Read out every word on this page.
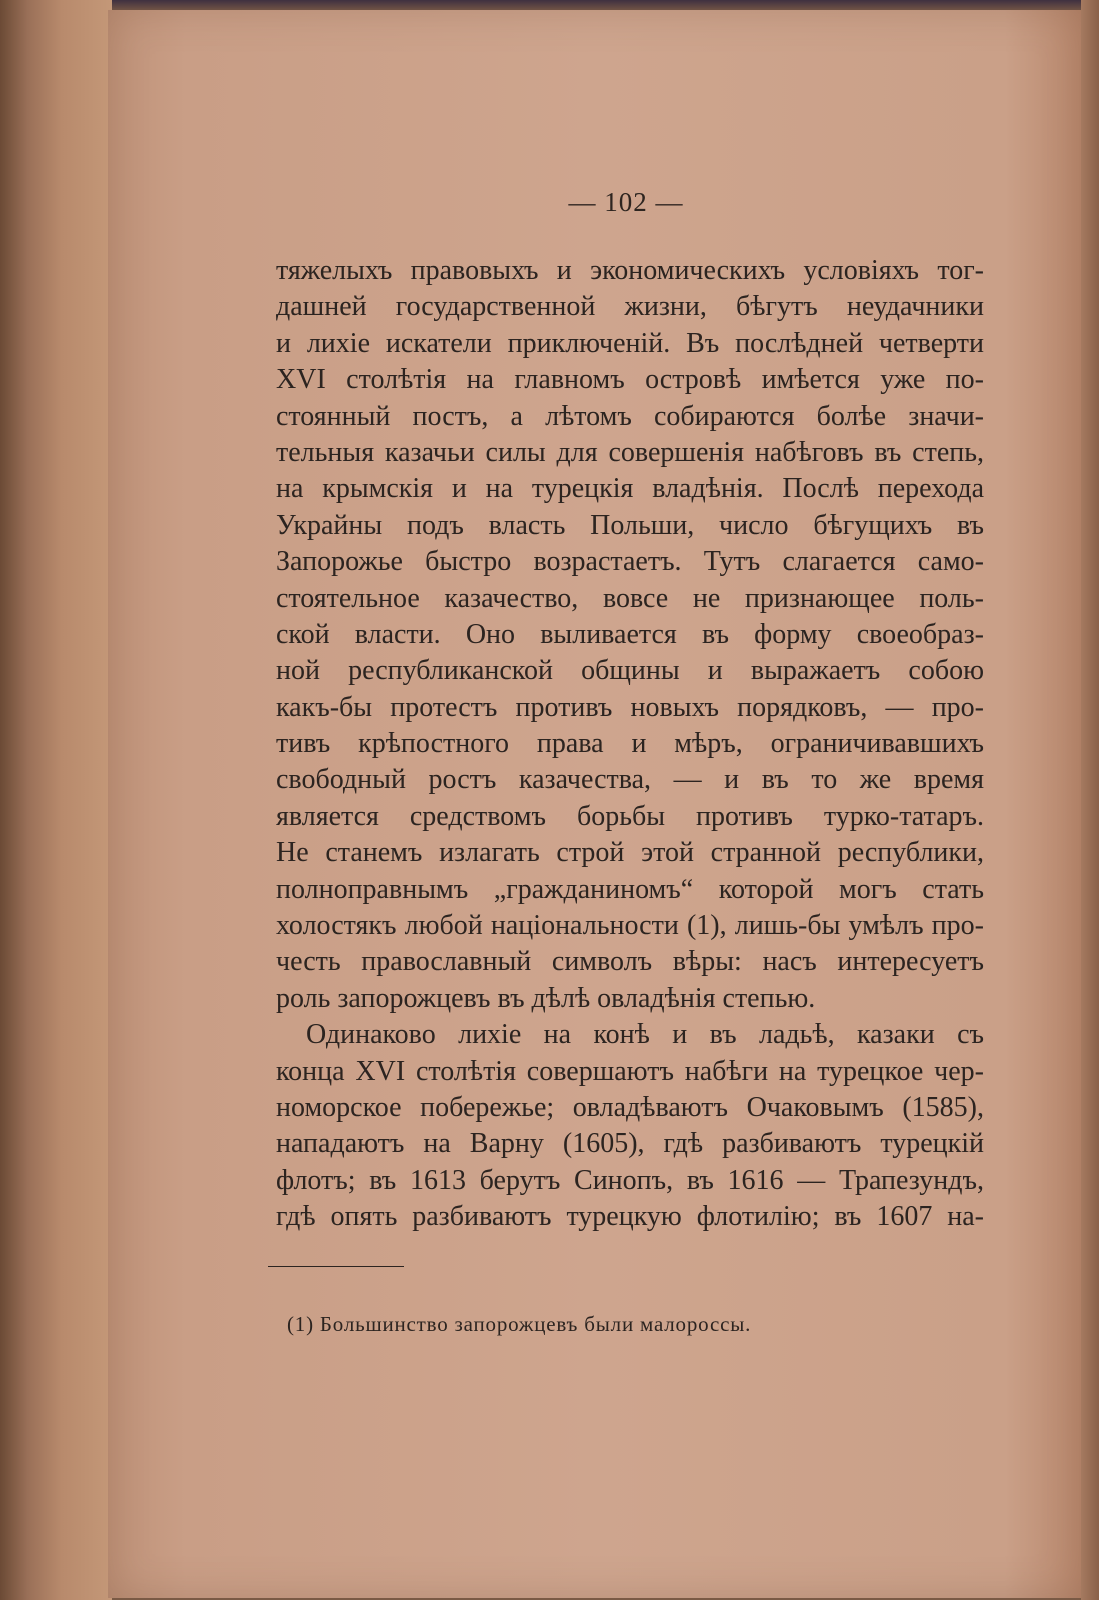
— 102 —
тяжелыхъ правовыхъ и экономическихъ условіяхъ тог-
дашней государственной жизни, бѣгутъ неудачники
и лихіе искатели приключеній. Въ послѣдней четверти
XVI столѣтія на главномъ островѣ имѣется уже по-
стоянный постъ, а лѣтомъ собираются болѣе значи-
тельныя казачьи силы для совершенія набѣговъ въ степь,
на крымскія и на турецкія владѣнія. Послѣ перехода
Украйны подъ власть Польши, число бѣгущихъ въ
Запорожье быстро возрастаетъ. Тутъ слагается само-
стоятельное казачество, вовсе не признающее поль-
ской власти. Оно выливается въ форму своеобраз-
ной республиканской общины и выражаетъ собою
какъ-бы протестъ противъ новыхъ порядковъ, — про-
тивъ крѣпостного права и мѣръ, ограничивавшихъ
свободный ростъ казачества, — и въ то же время
является средствомъ борьбы противъ турко-татаръ.
Не станемъ излагать строй этой странной республики,
полноправнымъ „гражданиномъ“ которой могъ стать
холостякъ любой національности (1), лишь-бы умѣлъ про-
честь православный символъ вѣры: насъ интересуетъ
роль запорожцевъ въ дѣлѣ овладѣнія степью.
Одинаково лихіе на конѣ и въ ладьѣ, казаки съ
конца XVI столѣтія совершаютъ набѣги на турецкое чер-
номорское побережье; овладѣваютъ Очаковымъ (1585),
нападаютъ на Варну (1605), гдѣ разбиваютъ турецкій
флотъ; въ 1613 берутъ Синопъ, въ 1616 — Трапезундъ,
гдѣ опять разбиваютъ турецкую флотилію; въ 1607 на-
(1) Большинство запорожцевъ были малороссы.
